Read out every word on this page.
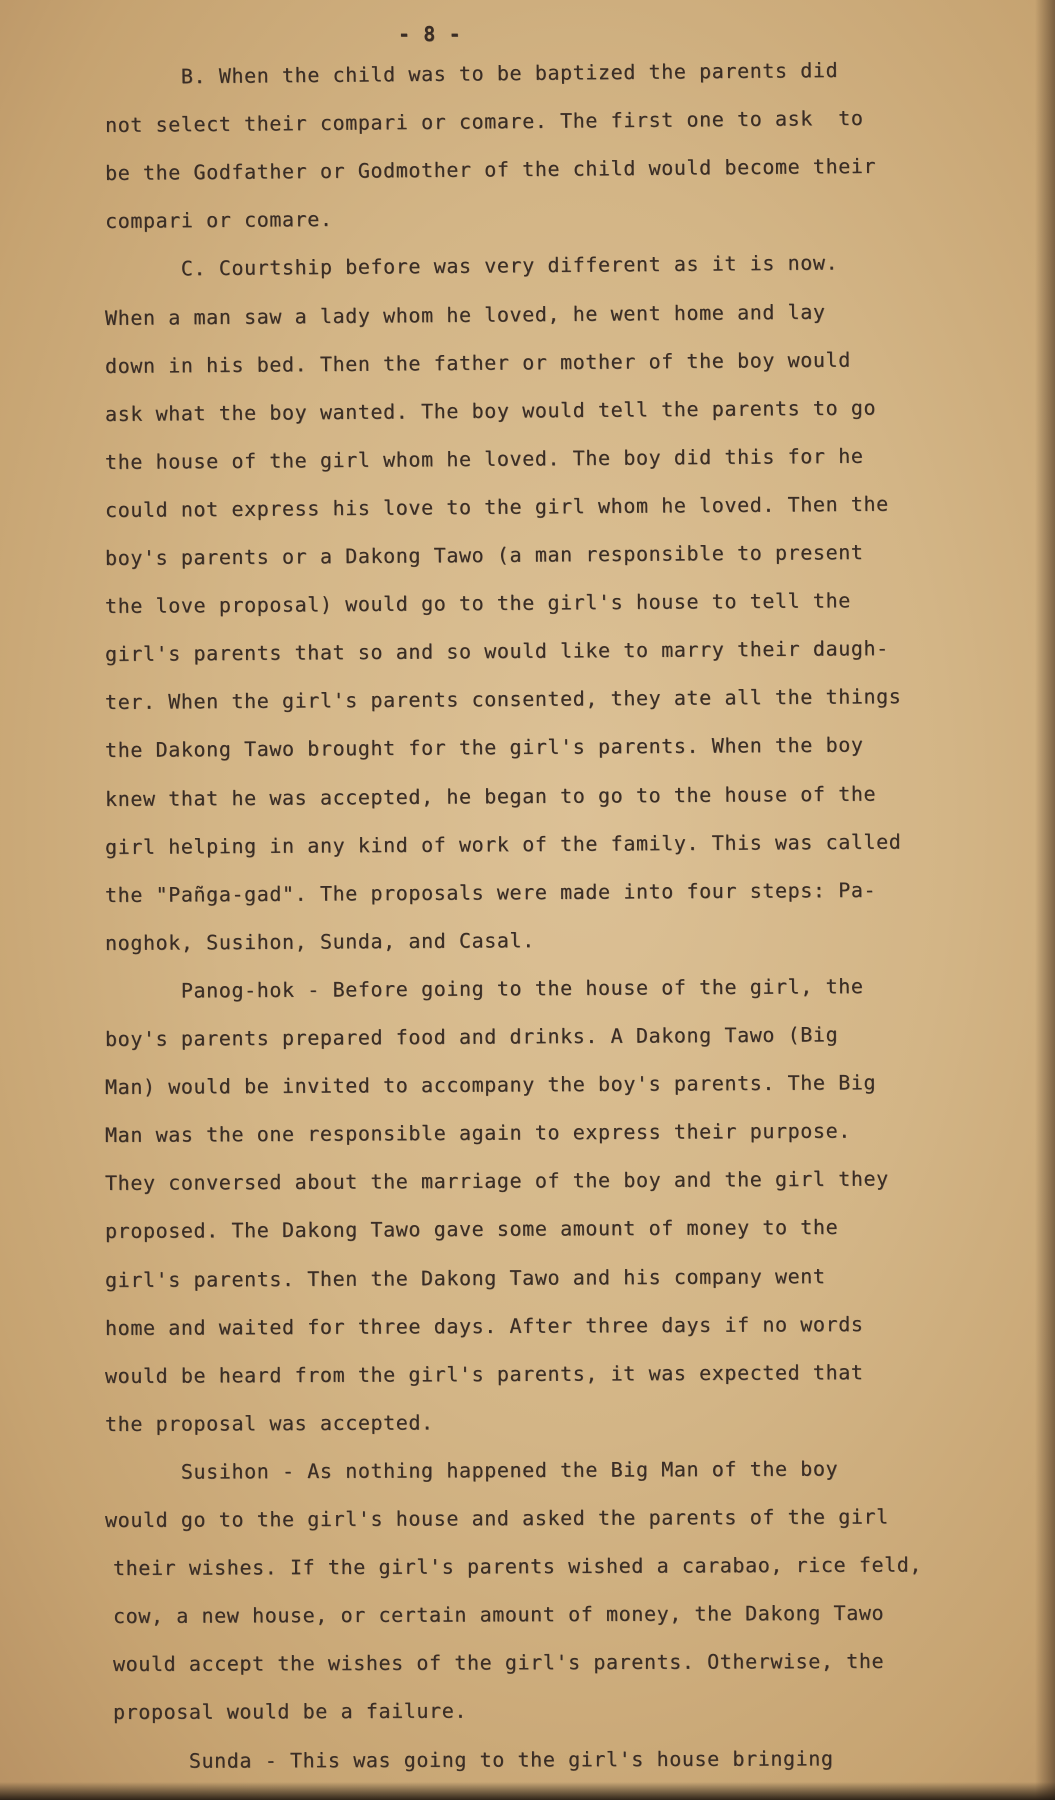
- 8 -
B. When the child was to be baptized the parents did
not select their compari or comare. The first one to ask  to
be the Godfather or Godmother of the child would become their
compari or comare.
C. Courtship before was very different as it is now.
When a man saw a lady whom he loved, he went home and lay
down in his bed. Then the father or mother of the boy would
ask what the boy wanted. The boy would tell the parents to go
the house of the girl whom he loved. The boy did this for he
could not express his love to the girl whom he loved. Then the
boy's parents or a Dakong Tawo (a man responsible to present
the love proposal) would go to the girl's house to tell the
girl's parents that so and so would like to marry their daugh-
ter. When the girl's parents consented, they ate all the things
the Dakong Tawo brought for the girl's parents. When the boy
knew that he was accepted, he began to go to the house of the
girl helping in any kind of work of the family. This was called
the "Pañga-gad". The proposals were made into four steps: Pa-
noghok, Susihon, Sunda, and Casal.
Panog-hok - Before going to the house of the girl, the
boy's parents prepared food and drinks. A Dakong Tawo (Big
Man) would be invited to accompany the boy's parents. The Big
Man was the one responsible again to express their purpose.
They conversed about the marriage of the boy and the girl they
proposed. The Dakong Tawo gave some amount of money to the
girl's parents. Then the Dakong Tawo and his company went
home and waited for three days. After three days if no words
would be heard from the girl's parents, it was expected that
the proposal was accepted.
Susihon - As nothing happened the Big Man of the boy
would go to the girl's house and asked the parents of the girl
their wishes. If the girl's parents wished a carabao, rice feld,
cow, a new house, or certain amount of money, the Dakong Tawo
would accept the wishes of the girl's parents. Otherwise, the
proposal would be a failure.
Sunda - This was going to the girl's house bringing
